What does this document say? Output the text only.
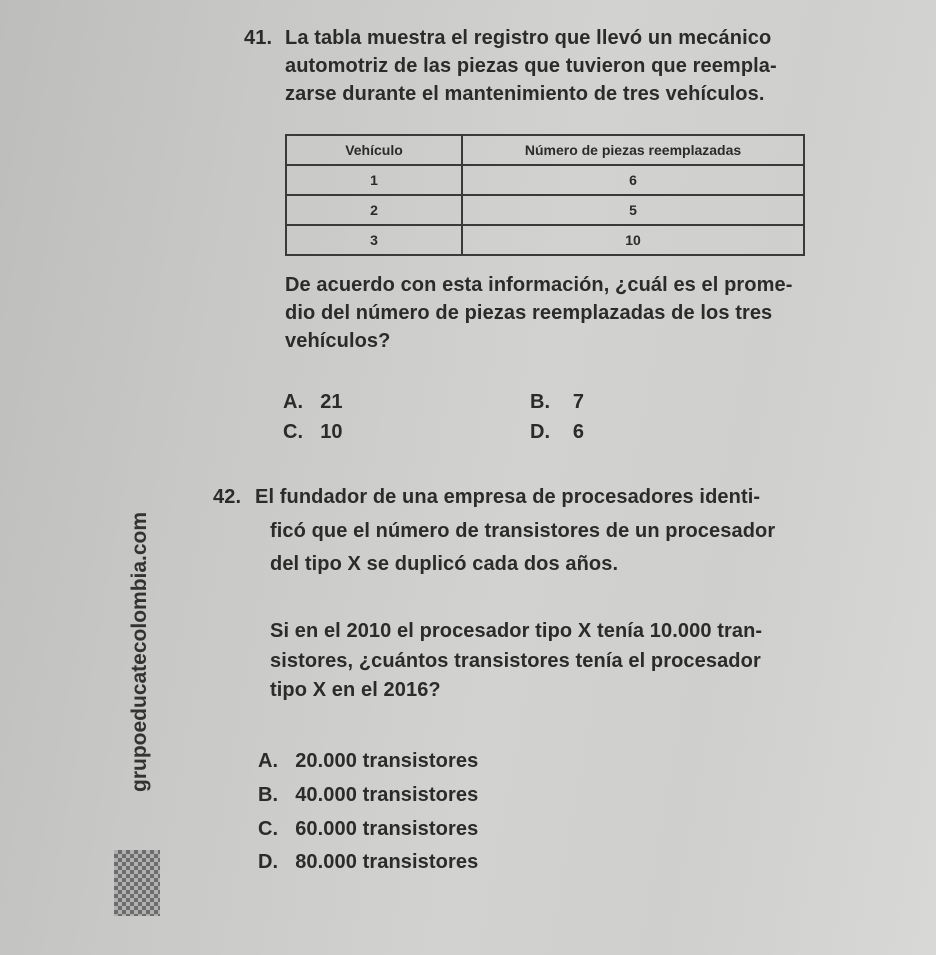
41. La tabla muestra el registro que llevó un mecánico
automotriz de las piezas que tuvieron que reempla-
zarse durante el mantenimiento de tres vehículos.
Vehículo	Número de piezas reemplazadas
1	6
2	5
3	10
De acuerdo con esta información, ¿cuál es el prome-
dio del número de piezas reemplazadas de los tres
vehículos?
A. 21	B. 7
C. 10	D. 6
42. El fundador de una empresa de procesadores identi-
ficó que el número de transistores de un procesador
del tipo X se duplicó cada dos años.
Si en el 2010 el procesador tipo X tenía 10.000 tran-
sistores, ¿cuántos transistores tenía el procesador
tipo X en el 2016?
A. 20.000 transistores
B. 40.000 transistores
C. 60.000 transistores
D. 80.000 transistores
grupoeducatecolombia.com
